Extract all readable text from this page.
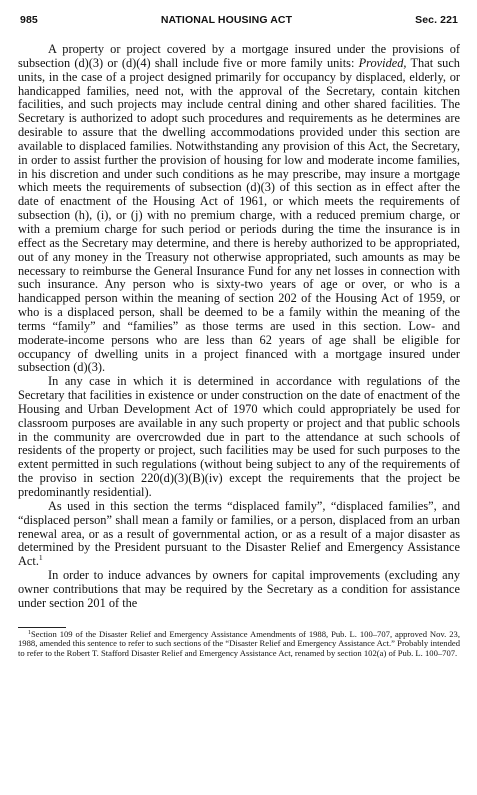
985	NATIONAL HOUSING ACT	Sec. 221

A property or project covered by a mortgage insured under the provisions of subsection (d)(3) or (d)(4) shall include five or more family units: Provided, That such units, in the case of a project designed primarily for occupancy by displaced, elderly, or handicapped families, need not, with the approval of the Secretary, contain kitchen facilities, and such projects may include central dining and other shared facilities. The Secretary is authorized to adopt such procedures and requirements as he determines are desirable to assure that the dwelling accommodations provided under this section are available to displaced families. Notwithstanding any provision of this Act, the Secretary, in order to assist further the provision of housing for low and moderate income families, in his discretion and under such conditions as he may prescribe, may insure a mortgage which meets the requirements of subsection (d)(3) of this section as in effect after the date of enactment of the Housing Act of 1961, or which meets the requirements of subsection (h), (i), or (j) with no premium charge, with a reduced premium charge, or with a premium charge for such period or periods during the time the insurance is in effect as the Secretary may determine, and there is hereby authorized to be appropriated, out of any money in the Treasury not otherwise appropriated, such amounts as may be necessary to reimburse the General Insurance Fund for any net losses in connection with such insurance. Any person who is sixty-two years of age or over, or who is a handicapped person within the meaning of section 202 of the Housing Act of 1959, or who is a displaced person, shall be deemed to be a family within the meaning of the terms “family” and “families” as those terms are used in this section. Low- and moderate-income persons who are less than 62 years of age shall be eligible for occupancy of dwelling units in a project financed with a mortgage insured under subsection (d)(3).

In any case in which it is determined in accordance with regulations of the Secretary that facilities in existence or under construction on the date of enactment of the Housing and Urban Development Act of 1970 which could appropriately be used for classroom purposes are available in any such property or project and that public schools in the community are overcrowded due in part to the attendance at such schools of residents of the property or project, such facilities may be used for such purposes to the extent permitted in such regulations (without being subject to any of the requirements of the proviso in section 220(d)(3)(B)(iv) except the requirements that the project be predominantly residential).

As used in this section the terms “displaced family”, “displaced families”, and “displaced person” shall mean a family or families, or a person, displaced from an urban renewal area, or as a result of governmental action, or as a result of a major disaster as determined by the President pursuant to the Disaster Relief and Emergency Assistance Act.$^1$

In order to induce advances by owners for capital improvements (excluding any owner contributions that may be required by the Secretary as a condition for assistance under section 201 of the

$^1$Section 109 of the Disaster Relief and Emergency Assistance Amendments of 1988, Pub. L. 100–707, approved Nov. 23, 1988, amended this sentence to refer to such sections of the “Disaster Relief and Emergency Assistance Act.” Probably intended to refer to the Robert T. Stafford Disaster Relief and Emergency Assistance Act, renamed by section 102(a) of Pub. L. 100–707.
